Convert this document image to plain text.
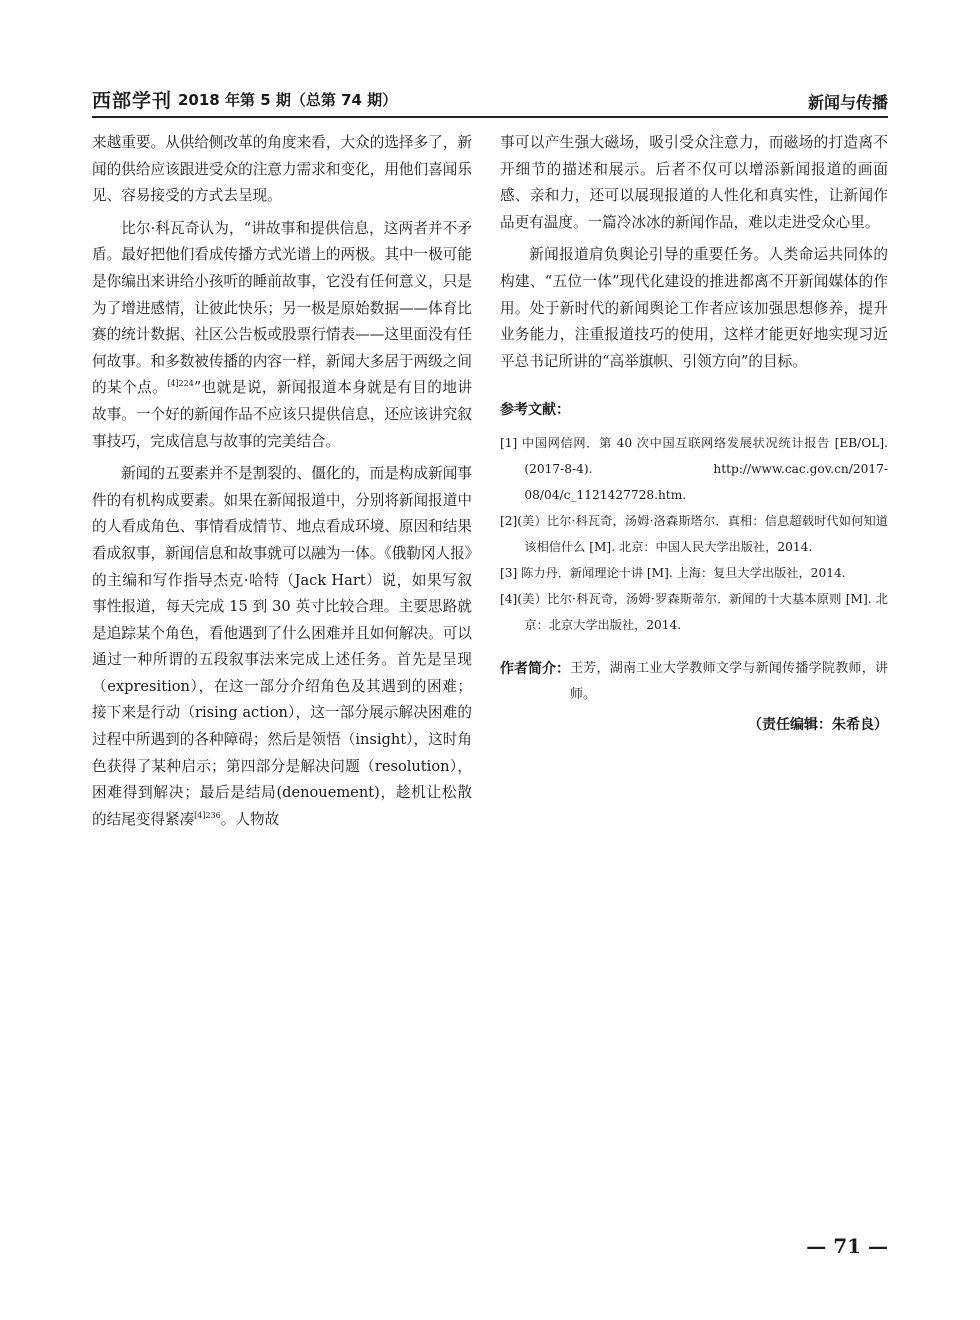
西部学刊 2018 年第 5 期（总第 74 期）	新闻与传播

来越重要。从供给侧改革的角度来看，大众的选择多了，新闻的供给应该跟进受众的注意力需求和变化，用他们喜闻乐见、容易接受的方式去呈现。

比尔·科瓦奇认为，“讲故事和提供信息，这两者并不矛盾。最好把他们看成传播方式光谱上的两极。其中一极可能是你编出来讲给小孩听的睡前故事，它没有任何意义，只是为了增进感情，让彼此快乐；另一极是原始数据——体育比赛的统计数据、社区公告板或股票行情表——这里面没有任何故事。和多数被传播的内容一样，新闻大多居于两级之间的某个点。$^{[4]224}$”也就是说，新闻报道本身就是有目的地讲故事。一个好的新闻作品不应该只提供信息，还应该讲究叙事技巧，完成信息与故事的完美结合。

新闻的五要素并不是割裂的、僵化的，而是构成新闻事件的有机构成要素。如果在新闻报道中，分别将新闻报道中的人看成角色、事情看成情节、地点看成环境、原因和结果看成叙事，新闻信息和故事就可以融为一体。《俄勒冈人报》的主编和写作指导杰克·哈特（Jack Hart）说，如果写叙事性报道，每天完成 15 到 30 英寸比较合理。主要思路就是追踪某个角色，看他遇到了什么困难并且如何解决。可以通过一种所谓的五段叙事法来完成上述任务。首先是呈现（expresition），在这一部分介绍角色及其遇到的困难；接下来是行动（rising action），这一部分展示解决困难的过程中所遇到的各种障碍；然后是领悟（insight），这时角色获得了某种启示；第四部分是解决问题（resolution），困难得到解决；最后是结局(denouement)，趁机让松散的结尾变得紧凑$^{[4]236}$。人物故

事可以产生强大磁场，吸引受众注意力，而磁场的打造离不开细节的描述和展示。后者不仅可以增添新闻报道的画面感、亲和力，还可以展现报道的人性化和真实性，让新闻作品更有温度。一篇冷冰冰的新闻作品，难以走进受众心里。

新闻报道肩负舆论引导的重要任务。人类命运共同体的构建、“五位一体”现代化建设的推进都离不开新闻媒体的作用。处于新时代的新闻舆论工作者应该加强思想修养，提升业务能力，注重报道技巧的使用，这样才能更好地实现习近平总书记所讲的“高举旗帜、引领方向”的目标。

参考文献：

[1] 中国网信网．第 40 次中国互联网络发展状况统计报告 [EB/OL].(2017-8-4). http://www.cac.gov.cn/2017-08/04/c_1121427728.htm.

[2](美）比尔·科瓦奇，汤姆·洛森斯塔尔．真相：信息超载时代如何知道该相信什么 [M]. 北京：中国人民大学出版社，2014.

[3] 陈力丹．新闻理论十讲 [M]. 上海：复旦大学出版社，2014.

[4](美）比尔·科瓦奇，汤姆·罗森斯蒂尔．新闻的十大基本原则 [M]. 北京：北京大学出版社，2014.

作者简介： 王芳，湖南工业大学教师文学与新闻传播学院教师，讲师。
（责任编辑：朱希良）
— 71 —
